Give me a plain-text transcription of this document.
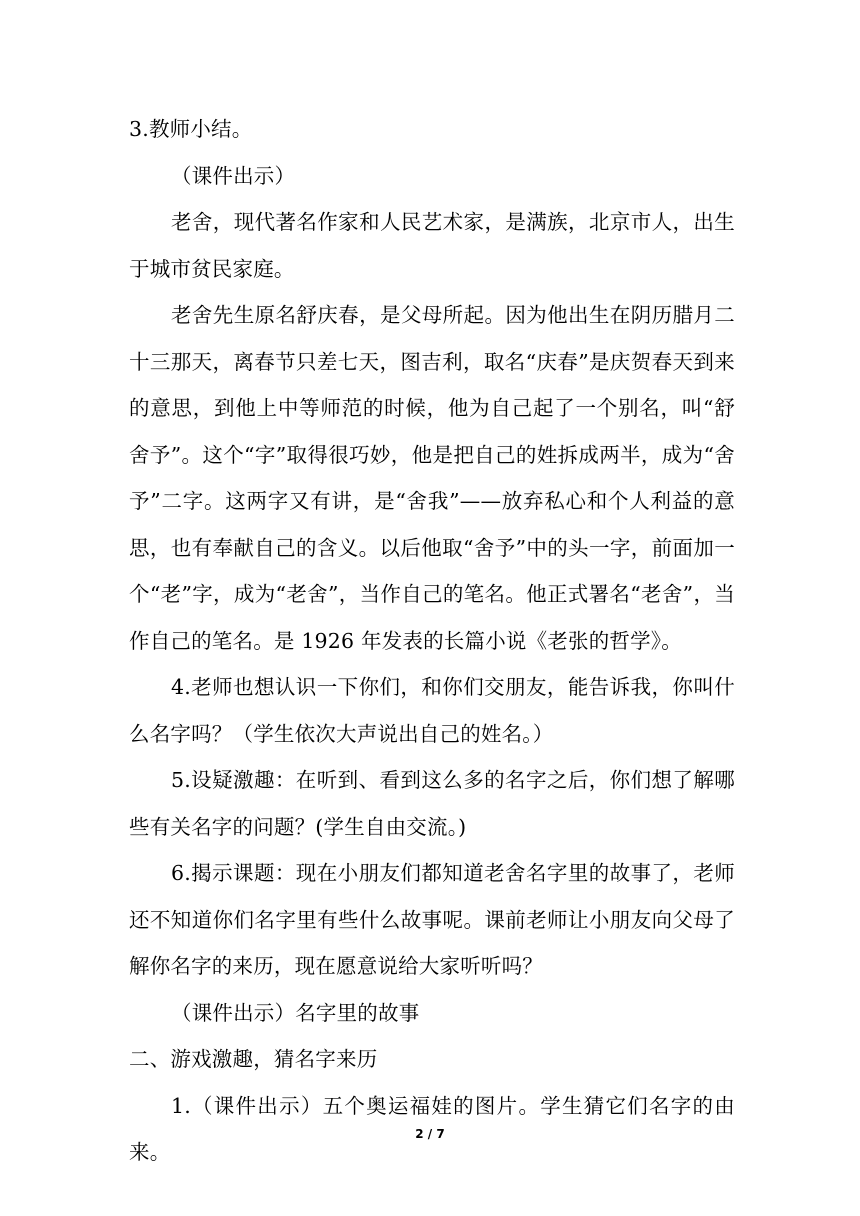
3.教师小结。

（课件出示）

老舍，现代著名作家和人民艺术家，是满族，北京市人，出生于城市贫民家庭。

老舍先生原名舒庆春，是父母所起。因为他出生在阴历腊月二十三那天，离春节只差七天，图吉利，取名“庆春”是庆贺春天到来的意思，到他上中等师范的时候，他为自己起了一个别名，叫“舒舍予”。这个“字”取得很巧妙，他是把自己的姓拆成两半，成为“舍予”二字。这两字又有讲，是“舍我”——放弃私心和个人利益的意思，也有奉献自己的含义。以后他取“舍予”中的头一字，前面加一个“老”字，成为“老舍”，当作自己的笔名。他正式署名“老舍”，当作自己的笔名。是 1926 年发表的长篇小说《老张的哲学》。

4.老师也想认识一下你们，和你们交朋友，能告诉我，你叫什么名字吗？（学生依次大声说出自己的姓名。）

5.设疑激趣：在听到、看到这么多的名字之后，你们想了解哪些有关名字的问题？(学生自由交流。)

6.揭示课题：现在小朋友们都知道老舍名字里的故事了，老师还不知道你们名字里有些什么故事呢。课前老师让小朋友向父母了解你名字的来历，现在愿意说给大家听听吗？

（课件出示）名字里的故事

二、游戏激趣，猜名字来历

1.（课件出示）五个奥运福娃的图片。学生猜它们名字的由来。

2 / 7
